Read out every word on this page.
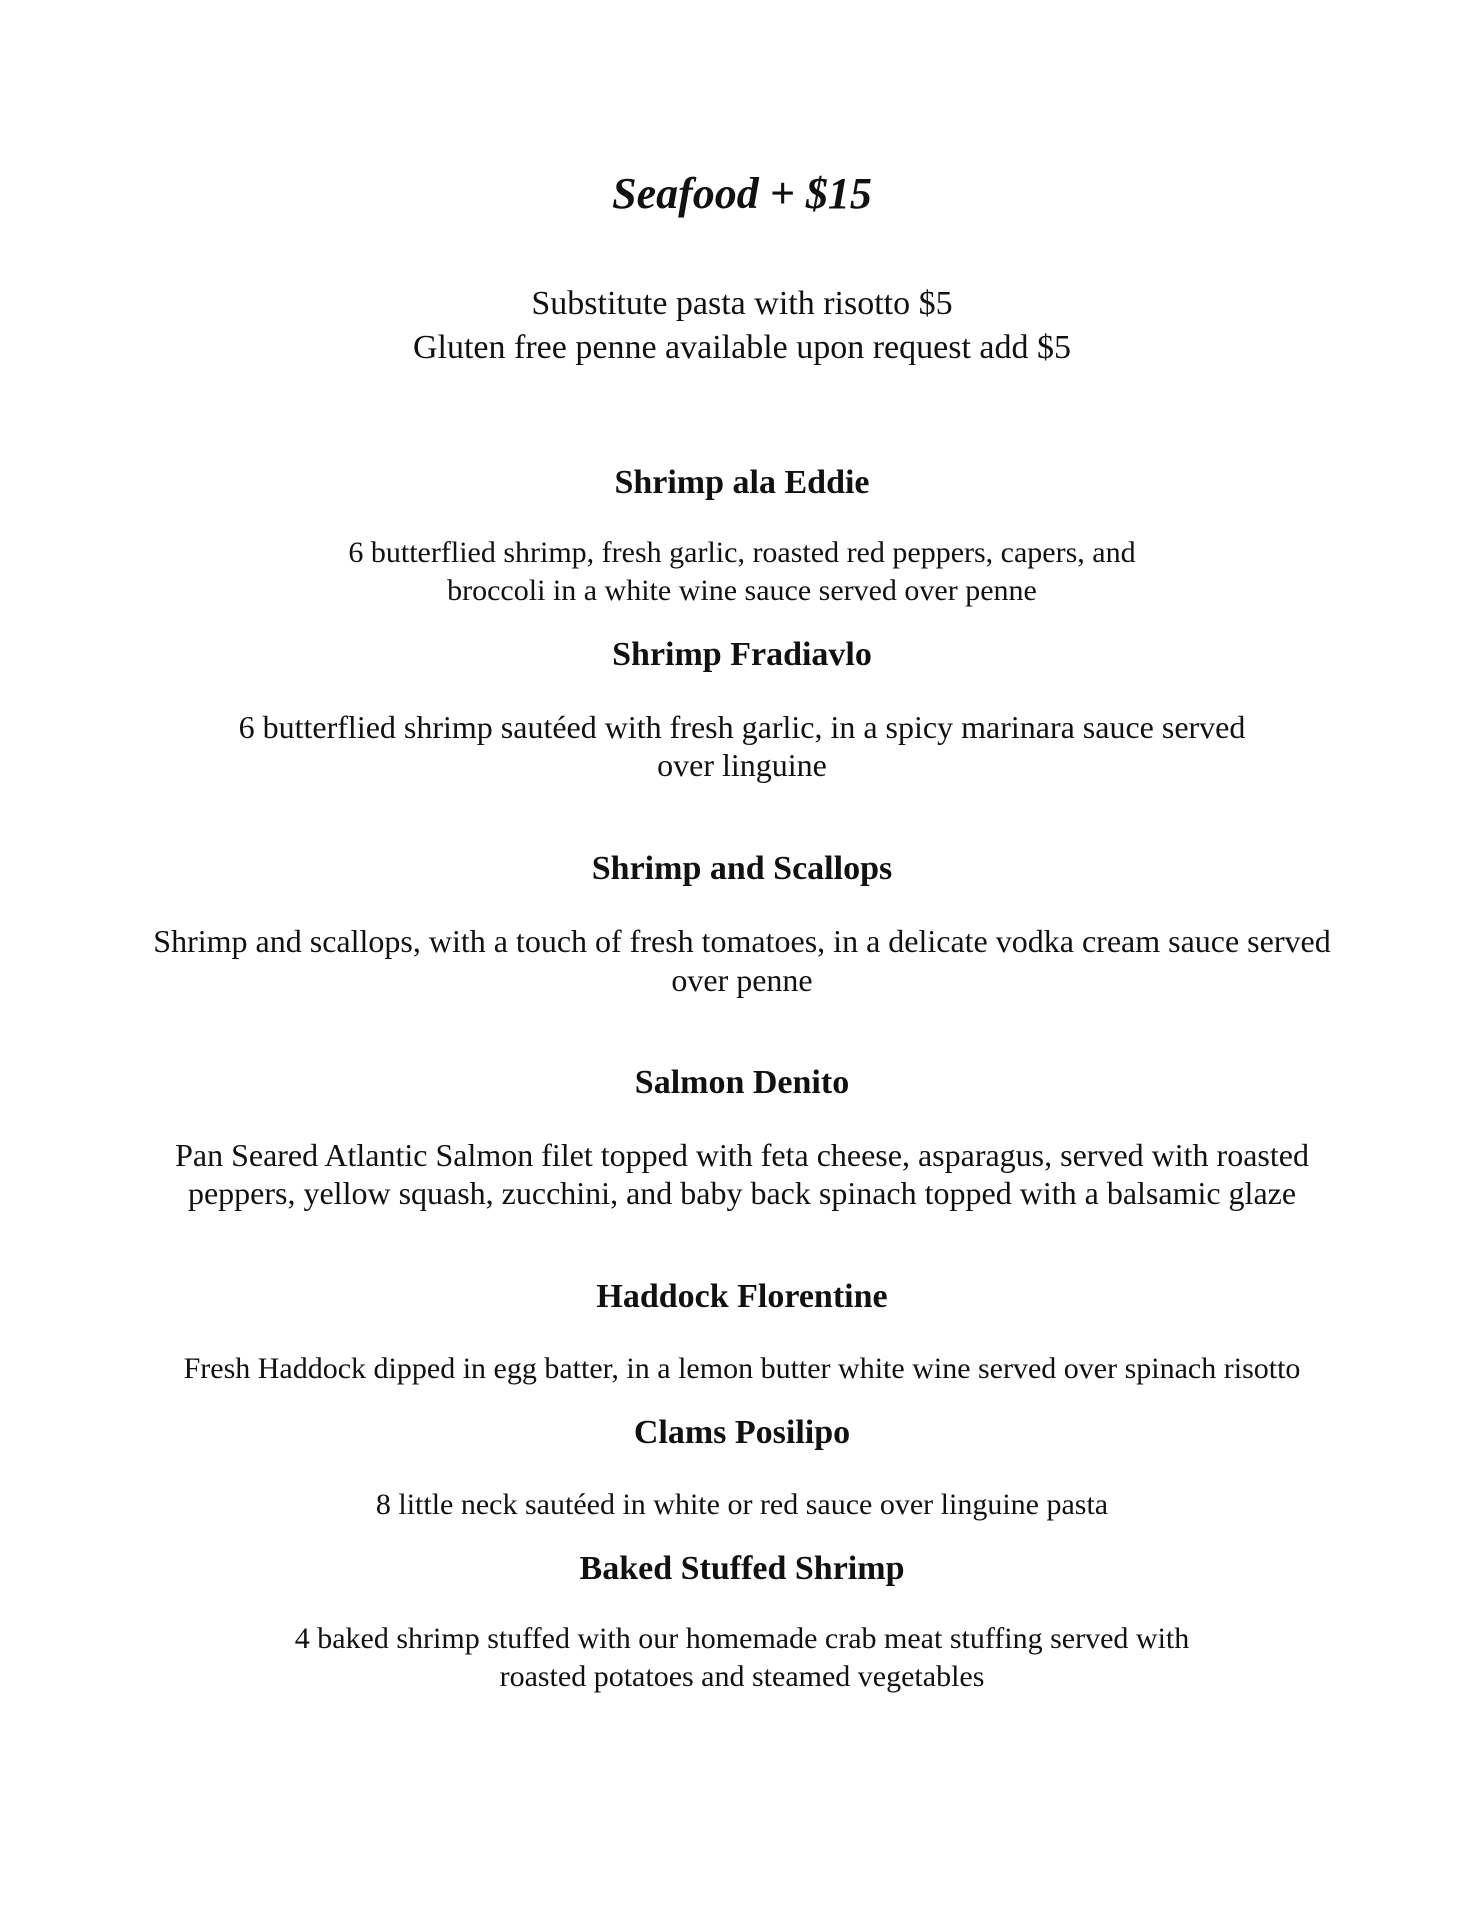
Seafood + $15
Substitute pasta with risotto $5
Gluten free penne available upon request add $5
Shrimp ala Eddie
6 butterflied shrimp, fresh garlic, roasted red peppers, capers, and
broccoli in a white wine sauce served over penne
Shrimp Fradiavlo
6 butterflied shrimp sautéed with fresh garlic, in a spicy marinara sauce served
over linguine
Shrimp and Scallops
Shrimp and scallops, with a touch of fresh tomatoes, in a delicate vodka cream sauce served
over penne
Salmon Denito
Pan Seared Atlantic Salmon filet topped with feta cheese, asparagus, served with roasted
peppers, yellow squash, zucchini, and baby back spinach topped with a balsamic glaze
Haddock Florentine
Fresh Haddock dipped in egg batter, in a lemon butter white wine served over spinach risotto
Clams Posilipo
8 little neck sautéed in white or red sauce over linguine pasta
Baked Stuffed Shrimp
4 baked shrimp stuffed with our homemade crab meat stuffing served with
roasted potatoes and steamed vegetables
